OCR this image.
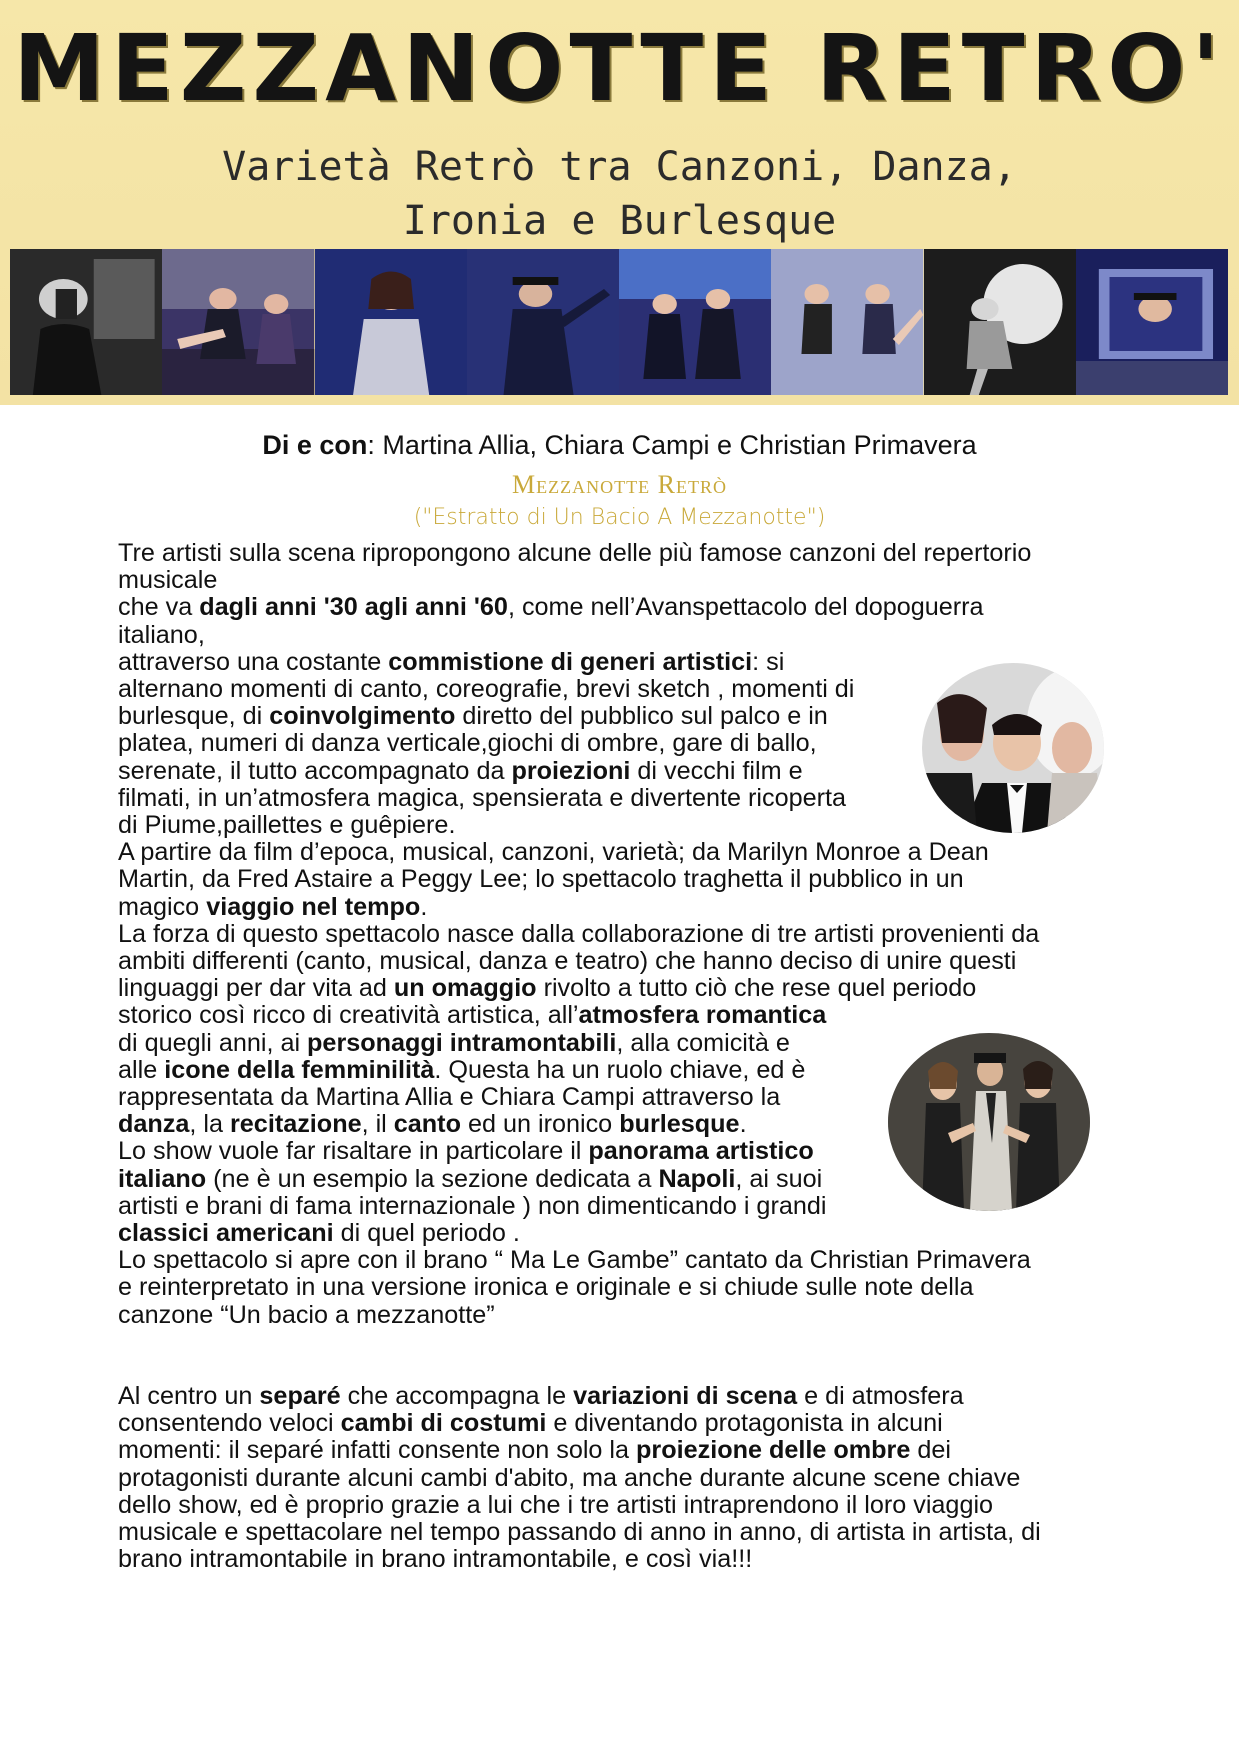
MEZZANOTTE RETRO'
Varietà Retrò tra Canzoni, Danza,
Ironia e Burlesque
Di e con: Martina Allia, Chiara Campi e Christian Primavera
Mezzanotte Retrò
("Estratto di Un Bacio A Mezzanotte")

Tre artisti sulla scena ripropongono alcune delle più famose canzoni del repertorio
musicale
che va dagli anni '30 agli anni '60, come nell’Avanspettacolo del dopoguerra
italiano,
attraverso una costante commistione di generi artistici: si
alternano momenti di canto, coreografie, brevi sketch , momenti di
burlesque, di coinvolgimento diretto del pubblico sul palco e in
platea, numeri di danza verticale,giochi di ombre, gare di ballo,
serenate, il tutto accompagnato da proiezioni di vecchi film e
filmati, in un’atmosfera magica, spensierata e divertente ricoperta
di Piume,paillettes e guêpiere.
A partire da film d’epoca, musical, canzoni, varietà; da Marilyn Monroe a Dean
Martin, da Fred Astaire a Peggy Lee; lo spettacolo traghetta il pubblico in un
magico viaggio nel tempo.
La forza di questo spettacolo nasce dalla collaborazione di tre artisti provenienti da
ambiti differenti (canto, musical, danza e teatro) che hanno deciso di unire questi
linguaggi per dar vita ad un omaggio rivolto a tutto ciò che rese quel periodo
storico così ricco di creatività artistica, all’atmosfera romantica
di quegli anni, ai personaggi intramontabili, alla comicità e
alle icone della femminilità. Questa ha un ruolo chiave, ed è
rappresentata da Martina Allia e Chiara Campi attraverso la
danza, la recitazione, il canto ed un ironico burlesque.
Lo show vuole far risaltare in particolare il panorama artistico
italiano (ne è un esempio la sezione dedicata a Napoli, ai suoi
artisti e brani di fama internazionale ) non dimenticando i grandi
classici americani di quel periodo .
Lo spettacolo si apre con il brano “ Ma Le Gambe” cantato da Christian Primavera
e reinterpretato in una versione ironica e originale e si chiude sulle note della
canzone “Un bacio a mezzanotte”

Al centro un separé che accompagna le variazioni di scena e di atmosfera
consentendo veloci cambi di costumi e diventando protagonista in alcuni
momenti: il separé infatti consente non solo la proiezione delle ombre dei
protagonisti durante alcuni cambi d'abito, ma anche durante alcune scene chiave
dello show, ed è proprio grazie a lui che i tre artisti intraprendono il loro viaggio
musicale e spettacolare nel tempo passando di anno in anno, di artista in artista, di
brano intramontabile in brano intramontabile, e così via!!!
